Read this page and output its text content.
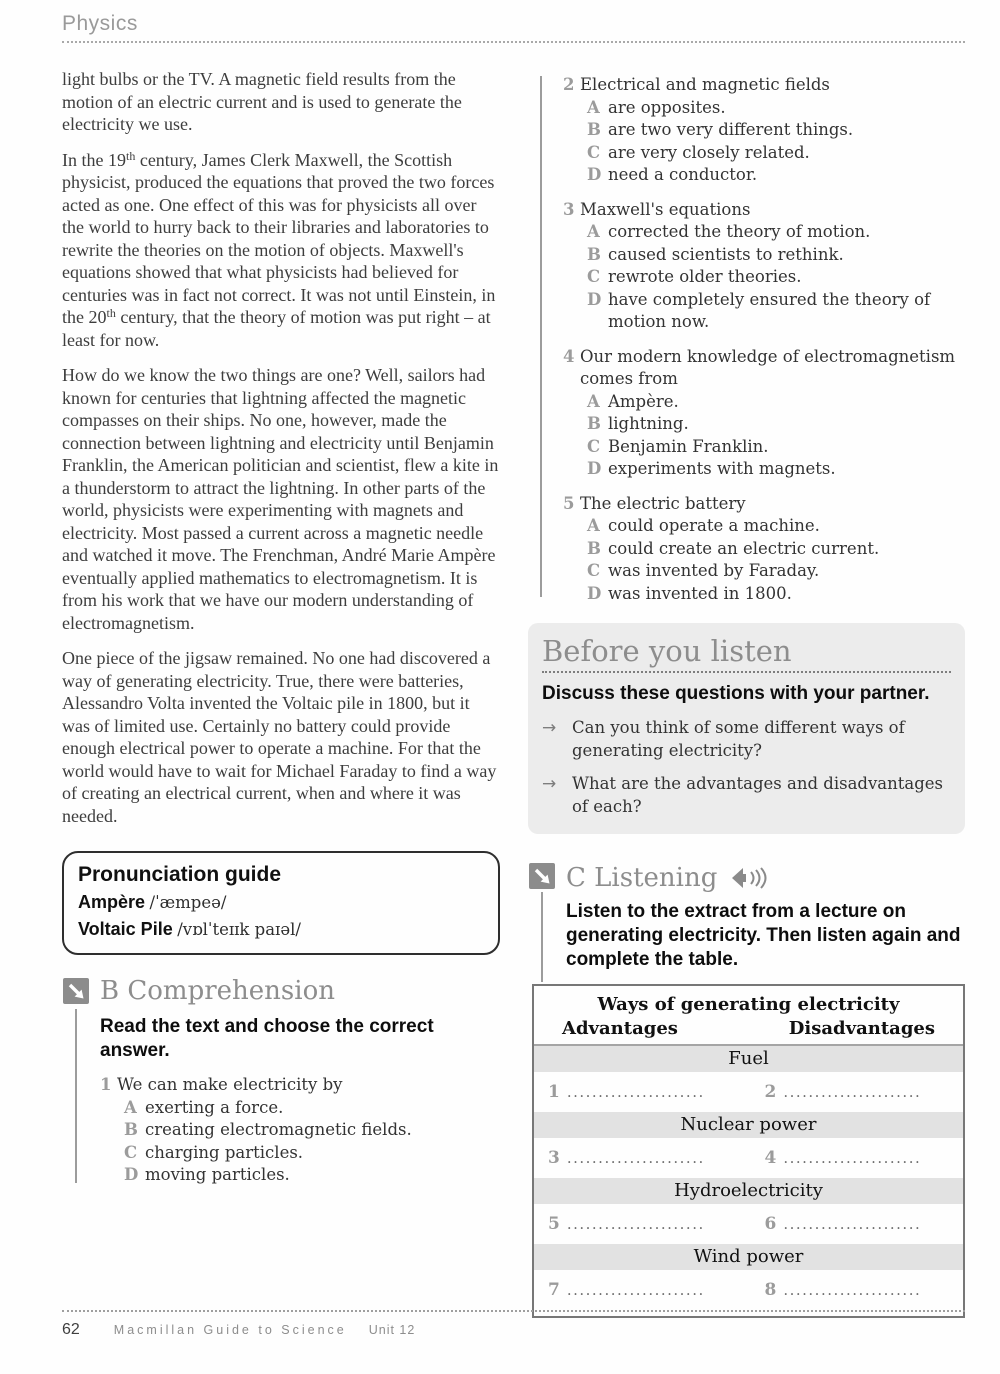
Physics

light bulbs or the TV. A magnetic field results from the motion of an electric current and is used to generate the electricity we use.

In the 19th century, James Clerk Maxwell, the Scottish physicist, produced the equations that proved the two forces acted as one. One effect of this was for physicists all over the world to hurry back to their libraries and laboratories to rewrite the theories on the motion of objects. Maxwell's equations showed that what physicists had believed for centuries was in fact not correct. It was not until Einstein, in the 20th century, that the theory of motion was put right – at least for now.

How do we know the two things are one? Well, sailors had known for centuries that lightning affected the magnetic compasses on their ships. No one, however, made the connection between lightning and electricity until Benjamin Franklin, the American politician and scientist, flew a kite in a thunderstorm to attract the lightning. In other parts of the world, physicists were experimenting with magnets and electricity. Most passed a current across a magnetic needle and watched it move. The Frenchman, André Marie Ampère eventually applied mathematics to electromagnetism. It is from his work that we have our modern understanding of electromagnetism.

One piece of the jigsaw remained. No one had discovered a way of generating electricity. True, there were batteries, Alessandro Volta invented the Voltaic pile in 1800, but it was of limited use. Certainly no battery could provide enough electrical power to operate a machine. For that the world would have to wait for Michael Faraday to find a way of creating an electrical current, when and where it was needed.

Pronunciation guide
Ampère /ˈæmpeə/
Voltaic Pile /vɒlˈteɪɪk paɪəl/
B Comprehension
Read the text and choose the correct answer.
1 We can make electricity by
A exerting a force.
B creating electromagnetic fields.
C charging particles.
D moving particles.
2 Electrical and magnetic fields
A are opposites.
B are two very different things.
C are very closely related.
D need a conductor.
3 Maxwell's equations
A corrected the theory of motion.
B caused scientists to rethink.
C rewrote older theories.
D have completely ensured the theory of motion now.
4 Our modern knowledge of electromagnetism comes from
A Ampère.
B lightning.
C Benjamin Franklin.
D experiments with magnets.
5 The electric battery
A could operate a machine.
B could create an electric current.
C was invented by Faraday.
D was invented in 1800.
Before you listen
Discuss these questions with your partner.
→ Can you think of some different ways of generating electricity?
→ What are the advantages and disadvantages of each?
C Listening
Listen to the extract from a lecture on generating electricity. Then listen again and complete the table.
Ways of generating electricity
Advantages	Disadvantages
Fuel
1 ......................	2 ......................
Nuclear power
3 ......................	4 ......................
Hydroelectricity
5 ......................	6 ......................
Wind power
7 ......................	8 ......................
62	Macmillan Guide to Science Unit 12
